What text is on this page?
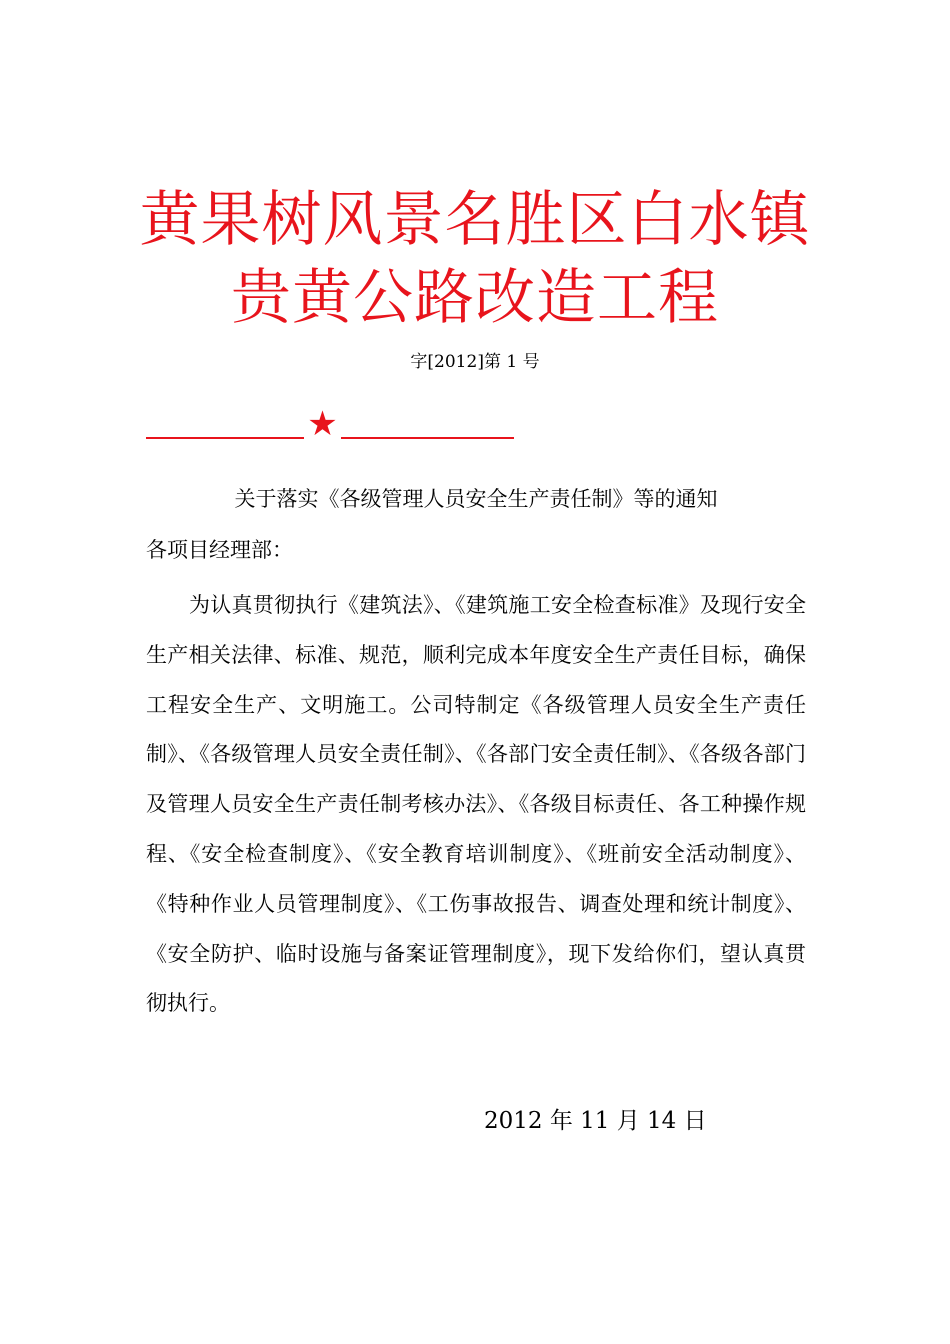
黄果树风景名胜区白水镇
贵黄公路改造工程
字[2012]第 1 号
★
关于落实《各级管理人员安全生产责任制》等的通知
各项目经理部：

为认真贯彻执行《建筑法》、《建筑施工安全检查标准》及现行安全生产相关法律、标准、规范，顺利完成本年度安全生产责任目标，确保工程安全生产、文明施工。公司特制定《各级管理人员安全生产责任制》、《各级管理人员安全责任制》、《各部门安全责任制》、《各级各部门及管理人员安全生产责任制考核办法》、《各级目标责任、各工种操作规程、《安全检查制度》、《安全教育培训制度》、《班前安全活动制度》、《特种作业人员管理制度》、《工伤事故报告、调查处理和统计制度》、《安全防护、临时设施与备案证管理制度》，现下发给你们，望认真贯彻执行。

2012 年 11 月 14 日
